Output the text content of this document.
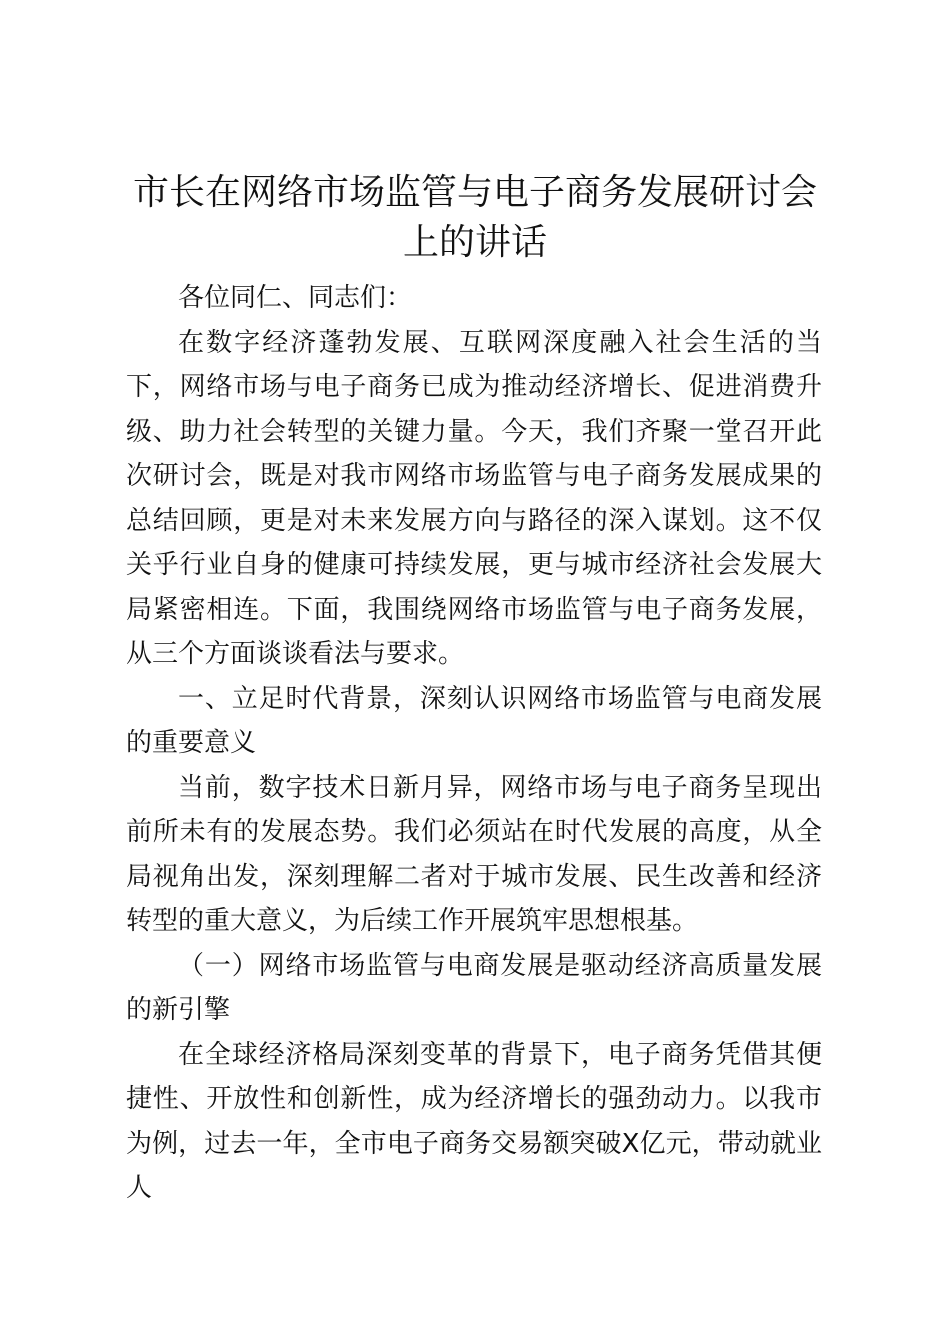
市长在网络市场监管与电子商务发展研讨会上的讲话

各位同仁、同志们：

在数字经济蓬勃发展、互联网深度融入社会生活的当下，网络市场与电子商务已成为推动经济增长、促进消费升级、助力社会转型的关键力量。今天，我们齐聚一堂召开此次研讨会，既是对我市网络市场监管与电子商务发展成果的总结回顾，更是对未来发展方向与路径的深入谋划。这不仅关乎行业自身的健康可持续发展，更与城市经济社会发展大局紧密相连。下面，我围绕网络市场监管与电子商务发展，从三个方面谈谈看法与要求。

一、立足时代背景，深刻认识网络市场监管与电商发展的重要意义

当前，数字技术日新月异，网络市场与电子商务呈现出前所未有的发展态势。我们必须站在时代发展的高度，从全局视角出发，深刻理解二者对于城市发展、民生改善和经济转型的重大意义，为后续工作开展筑牢思想根基。

（一）网络市场监管与电商发展是驱动经济高质量发展的新引擎

在全球经济格局深刻变革的背景下，电子商务凭借其便捷性、开放性和创新性，成为经济增长的强劲动力。以我市为例，过去一年，全市电子商务交易额突破X亿元，带动就业人
